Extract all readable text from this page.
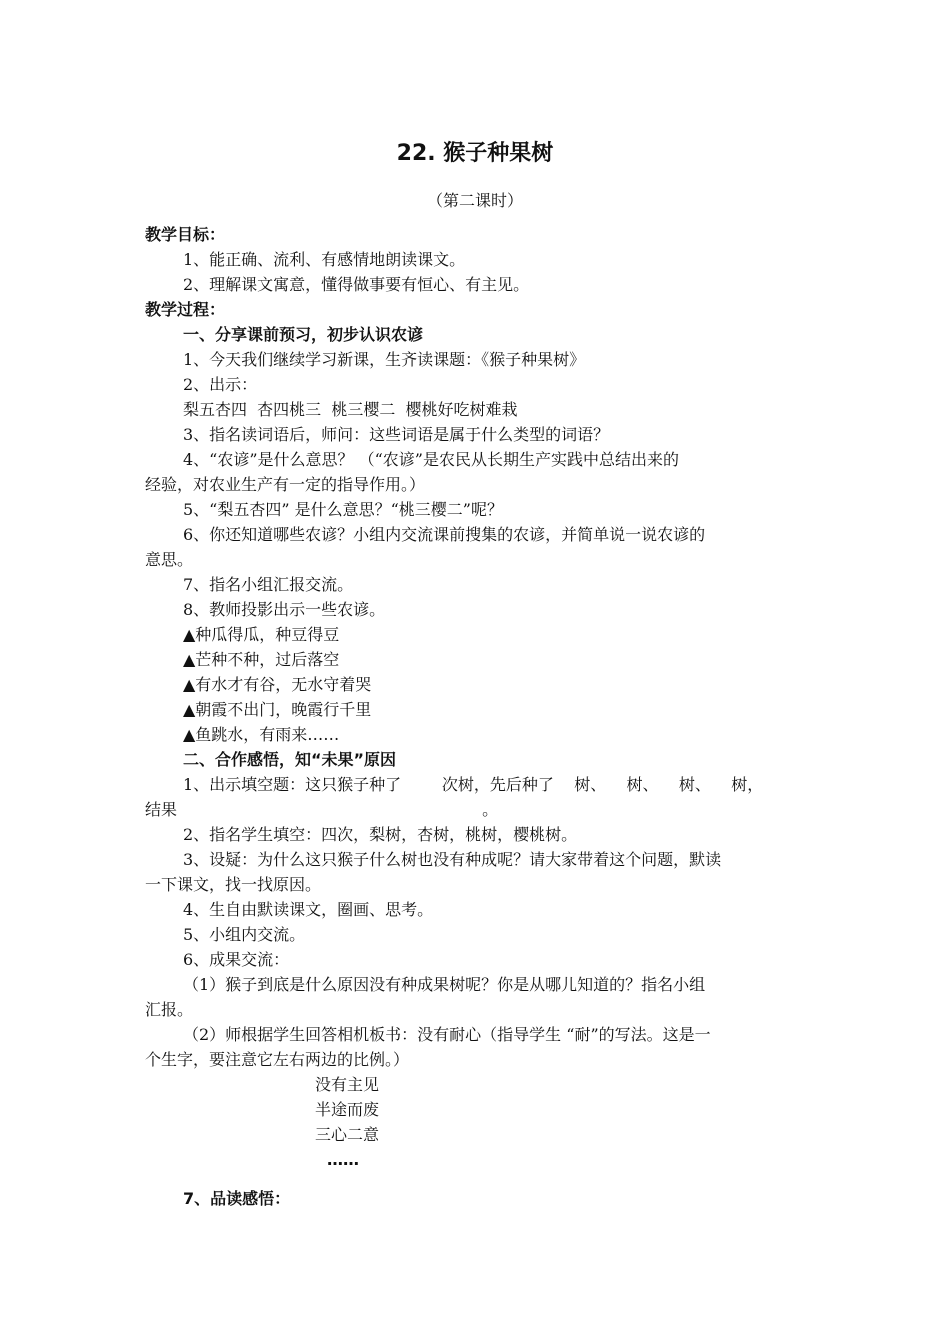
22. 猴子种果树
（第二课时）
教学目标：
1、能正确、流利、有感情地朗读课文。
2、理解课文寓意，懂得做事要有恒心、有主见。
教学过程：
一、分享课前预习，初步认识农谚
1、今天我们继续学习新课，生齐读课题：《猴子种果树》
2、出示：
梨五杏四  杏四桃三  桃三樱二  樱桃好吃树难栽
3、指名读词语后，师问：这些词语是属于什么类型的词语？
4、“农谚”是什么意思？ （“农谚”是农民从长期生产实践中总结出来的
经验，对农业生产有一定的指导作用。）
5、“梨五杏四” 是什么意思？“桃三樱二”呢？
6、你还知道哪些农谚？小组内交流课前搜集的农谚，并简单说一说农谚的
意思。
7、指名小组汇报交流。
8、教师投影出示一些农谚。
▲种瓜得瓜，种豆得豆
▲芒种不种，过后落空
▲有水才有谷，无水守着哭
▲朝霞不出门，晚霞行千里
▲鱼跳水，有雨来……
二、合作感悟，知“未果”原因
1、出示填空题：这只猴子种了        次树，先后种了    树、    树、    树、    树，
结果                                                            。
2、指名学生填空：四次，梨树，杏树，桃树，樱桃树。
3、设疑：为什么这只猴子什么树也没有种成呢？请大家带着这个问题，默读
一下课文，找一找原因。
4、生自由默读课文，圈画、思考。
5、小组内交流。
6、成果交流：
（1）猴子到底是什么原因没有种成果树呢？你是从哪儿知道的？指名小组
汇报。
（2）师根据学生回答相机板书：没有耐心（指导学生 “耐”的写法。这是一
个生字，要注意它左右两边的比例。）
没有主见
半途而废
三心二意
……
7、品读感悟：
